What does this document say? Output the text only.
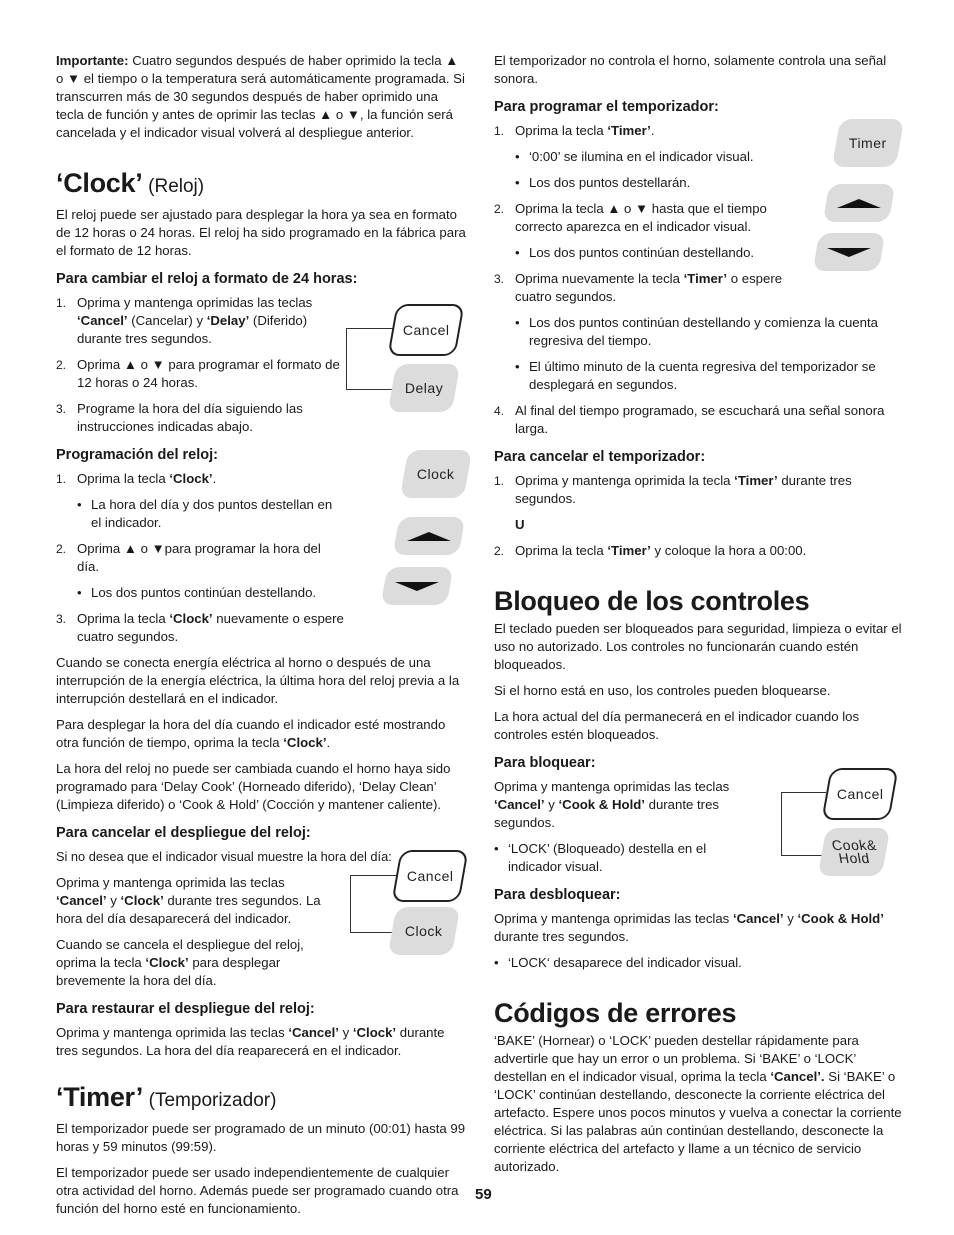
Importante: Cuatro segundos después de haber oprimido la tecla ▲ o ▼ el tiempo o la temperatura será automáticamente programada. Si transcurren más de 30 segundos después de haber oprimido una tecla de función y antes de oprimir las teclas ▲ o ▼, la función será cancelada y el indicador visual volverá al despliegue anterior.

‘Clock’ (Reloj)

El reloj puede ser ajustado para desplegar la hora ya sea en formato de 12 horas o 24 horas. El reloj ha sido programado en la fábrica para el formato de 12 horas.

Para cambiar el reloj a formato de 24 horas:
1. Oprima y mantenga oprimidas las teclas ‘Cancel’ (Cancelar) y ‘Delay’ (Diferido) durante tres segundos.
2. Oprima ▲ o ▼ para programar el formato de 12 horas o 24 horas.
3. Programe la hora del día siguiendo las instrucciones indicadas abajo.
Programación del reloj:
1. Oprima la tecla ‘Clock’.
• La hora del día y dos puntos destellan en el indicador.
2. Oprima ▲ o ▼para programar la hora del día.
• Los dos puntos continúan destellando.
3. Oprima la tecla ‘Clock’ nuevamente o espere cuatro segundos.

Cuando se conecta energía eléctrica al horno o después de una interrupción de la energía eléctrica, la última hora del reloj previa a la interrupción destellará en el indicador.

Para desplegar la hora del día cuando el indicador esté mostrando otra función de tiempo, oprima la tecla ‘Clock’.

La hora del reloj no puede ser cambiada cuando el horno haya sido programado para ‘Delay Cook’ (Horneado diferido), ‘Delay Clean’ (Limpieza diferido) o ‘Cook & Hold’ (Cocción y mantener caliente).

Para cancelar el despliegue del reloj:

Si no desea que el indicador visual muestre la hora del día:

Oprima y mantenga oprimida las teclas ‘Cancel’ y ‘Clock’ durante tres segundos. La hora del día desaparecerá del indicador.

Cuando se cancela el despliegue del reloj, oprima la tecla ‘Clock’ para desplegar brevemente la hora del día.

Para restaurar el despliegue del reloj:

Oprima y mantenga oprimida las teclas ‘Cancel’ y ‘Clock’ durante tres segundos. La hora del día reaparecerá en el indicador.

‘Timer’ (Temporizador)

El temporizador puede ser programado de un minuto (00:01) hasta 99 horas y 59 minutos (99:59).

El temporizador puede ser usado independientemente de cualquier otra actividad del horno. Además puede ser programado cuando otra función del horno esté en funcionamiento.

El temporizador no controla el horno, solamente controla una señal sonora.

Para programar el temporizador:
1. Oprima la tecla ‘Timer’.
• ‘0:00’ se ilumina en el indicador visual.
• Los dos puntos destellarán.
2. Oprima la tecla ▲ o ▼ hasta que el tiempo correcto aparezca en el indicador visual.
• Los dos puntos continúan destellando.
3. Oprima nuevamente la tecla ‘Timer’ o espere cuatro segundos.
• Los dos puntos continúan destellando y comienza la cuenta regresiva del tiempo.
• El último minuto de la cuenta regresiva del temporizador se desplegará en segundos.
4. Al final del tiempo programado, se escuchará una señal sonora larga.
Para cancelar el temporizador:
1. Oprima y mantenga oprimida la tecla ‘Timer’ durante tres segundos.
U
2. Oprima la tecla ‘Timer’ y coloque la hora a 00:00.
Bloqueo de los controles

El teclado pueden ser bloqueados para seguridad, limpieza o evitar el uso no autorizado. Los controles no funcionarán cuando estén bloqueados.

Si el horno está en uso, los controles pueden bloquearse.

La hora actual del día permanecerá en el indicador cuando los controles estén bloqueados.

Para bloquear:

Oprima y mantenga oprimidas las teclas ‘Cancel’ y ‘Cook & Hold’ durante tres segundos.

• ‘LOCK’ (Bloqueado) destella en el indicador visual.
Para desbloquear:

Oprima y mantenga oprimidas las teclas ‘Cancel’ y ‘Cook & Hold’ durante tres segundos.

• ‘LOCK‘ desaparece del indicador visual.
Códigos de errores

‘BAKE’ (Hornear) o ‘LOCK’ pueden destellar rápidamente para advertirle que hay un error o un problema. Si ‘BAKE’ o ‘LOCK’ destellan en el indicador visual, oprima la tecla ‘Cancel’. Si ‘BAKE’ o ‘LOCK’ continúan destellando, desconecte la corriente eléctrica del artefacto. Espere unos pocos minutos y vuelva a conectar la corriente eléctrica. Si las palabras aún continúan destellando, desconecte la corriente eléctrica del artefacto y llame a un técnico de servicio autorizado.

Cancel
Delay
Clock
Cancel
Clock
Timer
Cancel
Cook&
Hold
59
